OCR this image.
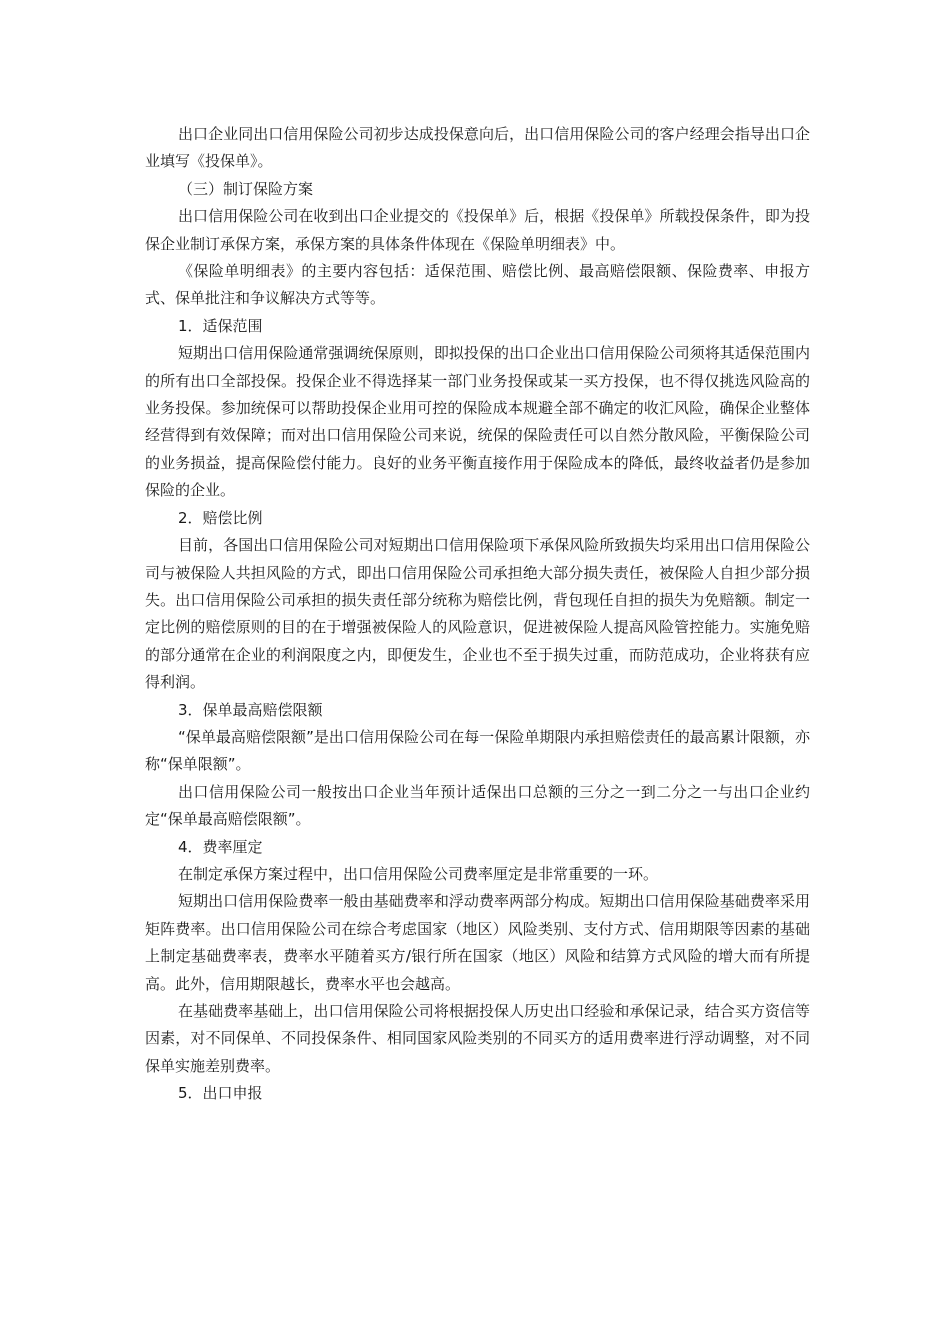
出口企业同出口信用保险公司初步达成投保意向后，出口信用保险公司的客户经理会指导出口企业填写《投保单》。

（三）制订保险方案

出口信用保险公司在收到出口企业提交的《投保单》后，根据《投保单》所载投保条件，即为投保企业制订承保方案，承保方案的具体条件体现在《保险单明细表》中。

《保险单明细表》的主要内容包括：适保范围、赔偿比例、最高赔偿限额、保险费率、申报方式、保单批注和争议解决方式等等。

1．适保范围

短期出口信用保险通常强调统保原则，即拟投保的出口企业出口信用保险公司须将其适保范围内的所有出口全部投保。投保企业不得选择某一部门业务投保或某一买方投保，也不得仅挑选风险高的业务投保。参加统保可以帮助投保企业用可控的保险成本规避全部不确定的收汇风险，确保企业整体经营得到有效保障；而对出口信用保险公司来说，统保的保险责任可以自然分散风险，平衡保险公司的业务损益，提高保险偿付能力。良好的业务平衡直接作用于保险成本的降低，最终收益者仍是参加保险的企业。

2．赔偿比例

目前，各国出口信用保险公司对短期出口信用保险项下承保风险所致损失均采用出口信用保险公司与被保险人共担风险的方式，即出口信用保险公司承担绝大部分损失责任，被保险人自担少部分损失。出口信用保险公司承担的损失责任部分统称为赔偿比例，背包现任自担的损失为免赔额。制定一定比例的赔偿原则的目的在于增强被保险人的风险意识，促进被保险人提高风险管控能力。实施免赔的部分通常在企业的利润限度之内，即便发生，企业也不至于损失过重，而防范成功，企业将获有应得利润。

3．保单最高赔偿限额

“保单最高赔偿限额”是出口信用保险公司在每一保险单期限内承担赔偿责任的最高累计限额，亦称“保单限额”。

出口信用保险公司一般按出口企业当年预计适保出口总额的三分之一到二分之一与出口企业约定“保单最高赔偿限额”。

4．费率厘定

在制定承保方案过程中，出口信用保险公司费率厘定是非常重要的一环。

短期出口信用保险费率一般由基础费率和浮动费率两部分构成。短期出口信用保险基础费率采用矩阵费率。出口信用保险公司在综合考虑国家（地区）风险类别、支付方式、信用期限等因素的基础上制定基础费率表，费率水平随着买方/银行所在国家（地区）风险和结算方式风险的增大而有所提高。此外，信用期限越长，费率水平也会越高。

在基础费率基础上，出口信用保险公司将根据投保人历史出口经验和承保记录，结合买方资信等因素，对不同保单、不同投保条件、相同国家风险类别的不同买方的适用费率进行浮动调整，对不同保单实施差别费率。

5．出口申报
